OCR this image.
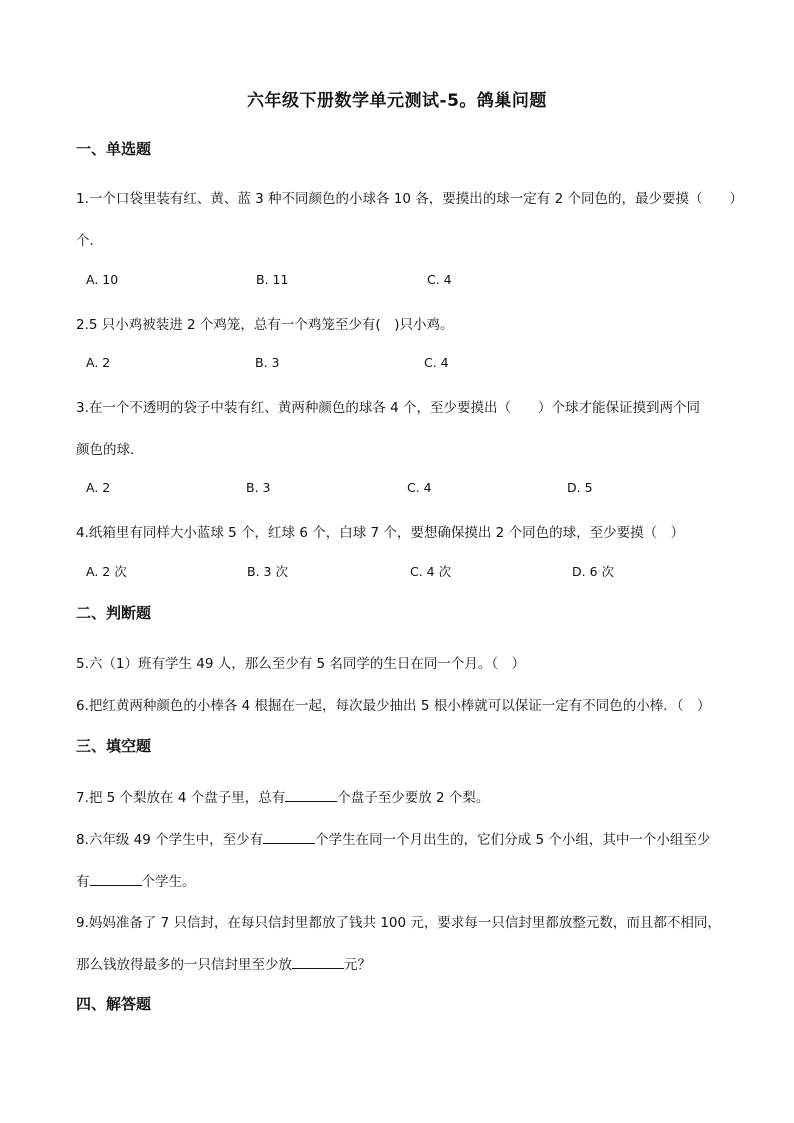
六年级下册数学单元测试-5。鸽巢问题
一、单选题
1.一个口袋里装有红、黄、蓝 3 种不同颜色的小球各 10 各，要摸出的球一定有 2 个同色的，最少要摸（　　）
个．
A. 10	B. 11	C. 4
2.5 只小鸡被装进 2 个鸡笼，总有一个鸡笼至少有(　)只小鸡。
A. 2	B. 3	C. 4
3.在一个不透明的袋子中装有红、黄两种颜色的球各 4 个，至少要摸出（　　）个球才能保证摸到两个同
颜色的球．
A. 2	B. 3	C. 4	D. 5
4.纸箱里有同样大小蓝球 5 个，红球 6 个，白球 7 个，要想确保摸出 2 个同色的球，至少要摸（　）
A. 2 次	B. 3 次	C. 4 次	D. 6 次
二、判断题
5.六（1）班有学生 49 人，那么至少有 5 名同学的生日在同一个月。（　）
6.把红黄两种颜色的小棒各 4 根掘在一起，每次最少抽出 5 根小棒就可以保证一定有不同色的小棒．（　）
三、填空题
7.把 5 个梨放在 4 个盘子里，总有	个盘子至少要放 2 个梨。
8.六年级 49 个学生中，至少有	个学生在同一个月出生的，它们分成 5 个小组，其中一个小组至少
有	个学生。
9.妈妈准备了 7 只信封，在每只信封里都放了钱共 100 元，要求每一只信封里都放整元数，而且都不相同，
那么钱放得最多的一只信封里至少放	元？
四、解答题
